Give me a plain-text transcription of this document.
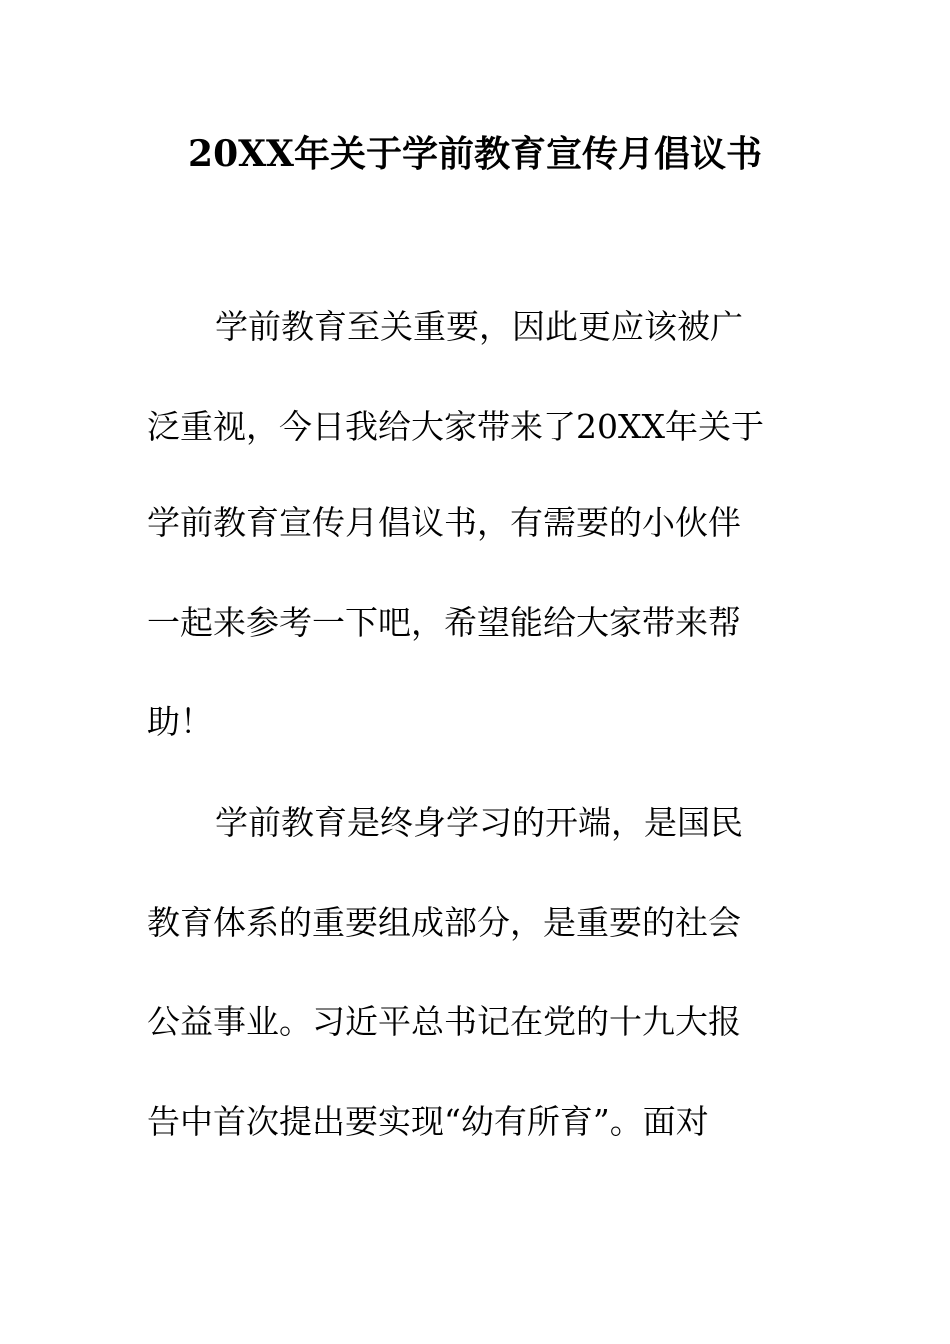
20XX年关于学前教育宣传月倡议书

学前教育至关重要，因此更应该被广

泛重视，今日我给大家带来了20XX年关于

学前教育宣传月倡议书，有需要的小伙伴

一起来参考一下吧，希望能给大家带来帮

助！

学前教育是终身学习的开端，是国民

教育体系的重要组成部分，是重要的社会

公益事业。习近平总书记在党的十九大报

告中首次提出要实现“幼有所育”。面对
